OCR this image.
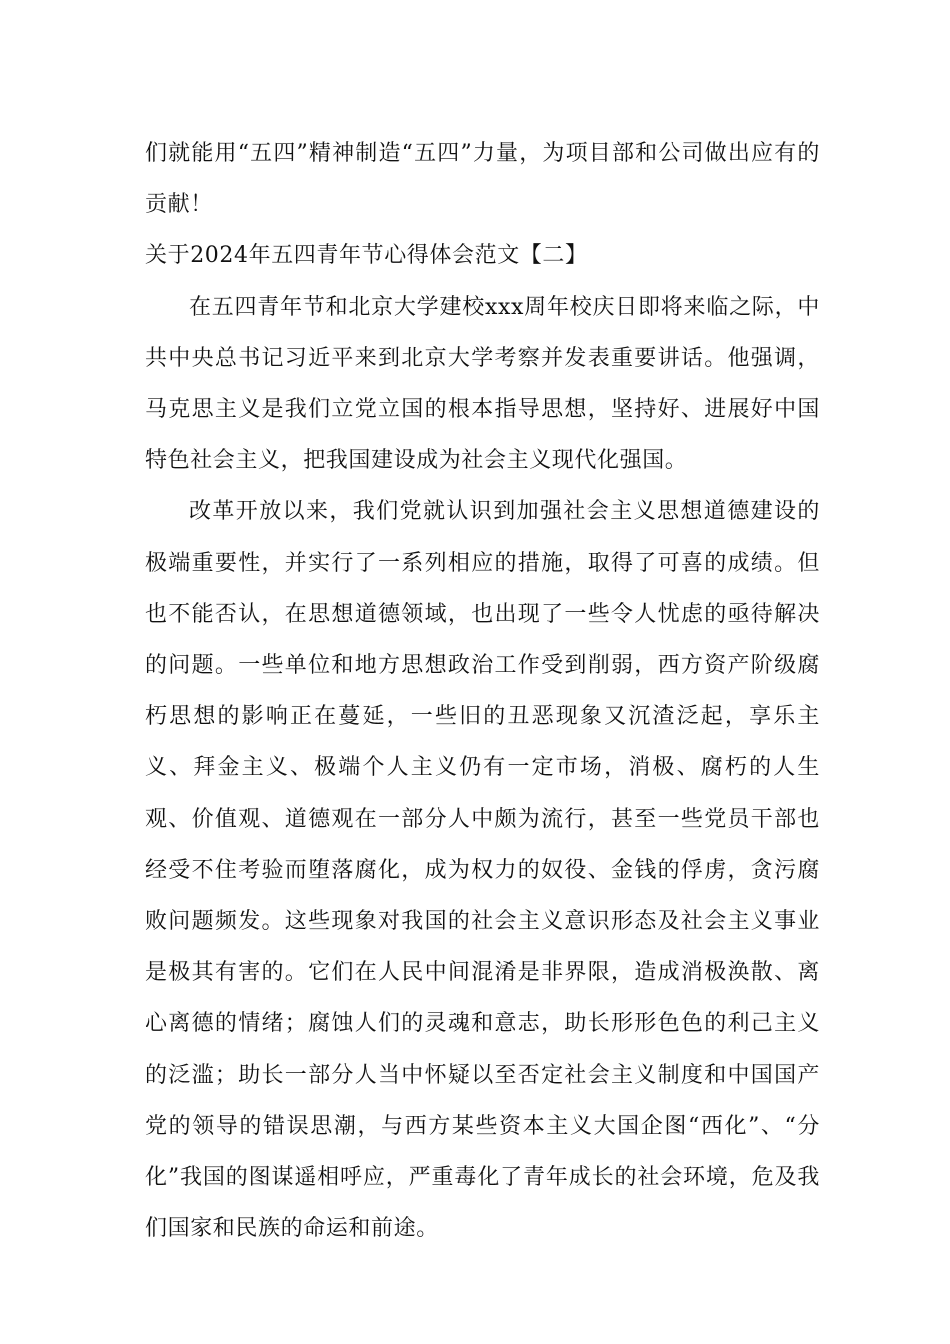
们就能用“五四”精神制造“五四”力量，为项目部和公司做出应有的贡献！

关于2024年五四青年节心得体会范文【二】

在五四青年节和北京大学建校xxx周年校庆日即将来临之际，中共中央总书记习近平来到北京大学考察并发表重要讲话。他强调，马克思主义是我们立党立国的根本指导思想，坚持好、进展好中国特色社会主义，把我国建设成为社会主义现代化强国。

改革开放以来，我们党就认识到加强社会主义思想道德建设的极端重要性，并实行了一系列相应的措施，取得了可喜的成绩。但也不能否认，在思想道德领域，也出现了一些令人忧虑的亟待解决的问题。一些单位和地方思想政治工作受到削弱，西方资产阶级腐朽思想的影响正在蔓延，一些旧的丑恶现象又沉渣泛起，享乐主义、拜金主义、极端个人主义仍有一定市场，消极、腐朽的人生观、价值观、道德观在一部分人中颇为流行，甚至一些党员干部也经受不住考验而堕落腐化，成为权力的奴役、金钱的俘虏，贪污腐败问题频发。这些现象对我国的社会主义意识形态及社会主义事业是极其有害的。它们在人民中间混淆是非界限，造成消极涣散、离心离德的情绪；腐蚀人们的灵魂和意志，助长形形色色的利己主义的泛滥；助长一部分人当中怀疑以至否定社会主义制度和中国国产党的领导的错误思潮，与西方某些资本主义大国企图“西化”、“分化”我国的图谋遥相呼应，严重毒化了青年成长的社会环境，危及我们国家和民族的命运和前途。
